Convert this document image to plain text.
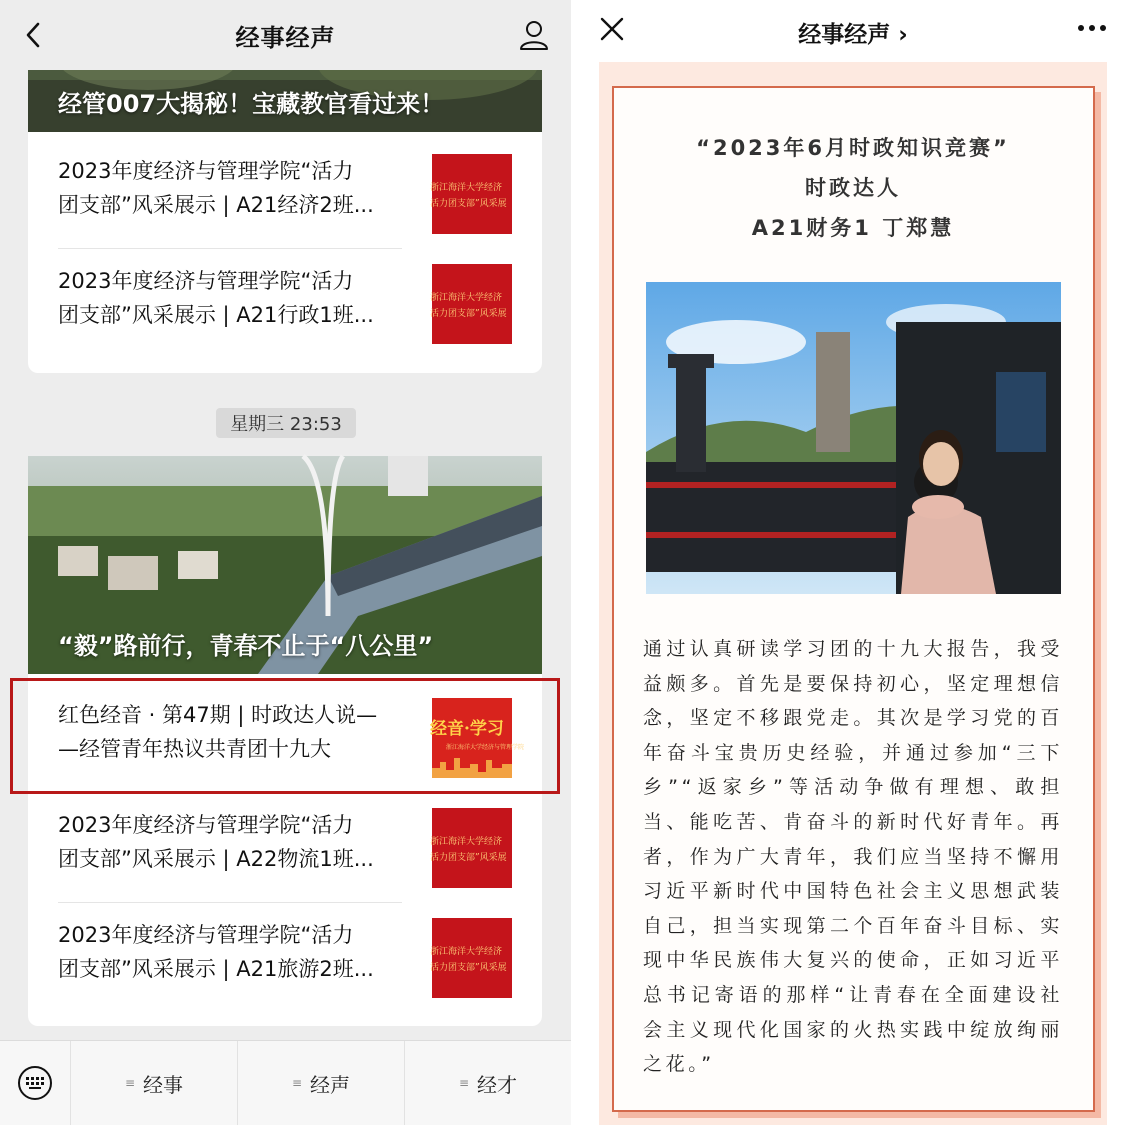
经事经声
经管007大揭秘！宝藏教官看过来！
2023年度经济与管理学院“活力
团支部”风采展示 | A21经济2班...
浙江海洋大学经济
活力团支部”风采展
2023年度经济与管理学院“活力
团支部”风采展示 | A21行政1班...
浙江海洋大学经济
活力团支部”风采展
星期三 23:53
“毅”路前行，青春不止于“八公里”
红色经音 · 第47期 | 时政达人说—
—经管青年热议共青团十九大
经音·学习
浙江海洋大学经济与管理学院
2023年度经济与管理学院“活力
团支部”风采展示 | A22物流1班...
浙江海洋大学经济
活力团支部”风采展
2023年度经济与管理学院“活力
团支部”风采展示 | A21旅游2班...
浙江海洋大学经济
活力团支部”风采展
≡ 经事	≡ 经声	≡ 经才
经事经声 ›
“2023年6月时政知识竞赛”
时政达人
A21财务1 丁郑慧
通过认真研读学习团的十九大报告，我受益颇多。首先是要保持初心，坚定理想信念，坚定不移跟党走。其次是学习党的百年奋斗宝贵历史经验，并通过参加“三下乡”“返家乡”等活动争做有理想、敢担当、能吃苦、肯奋斗的新时代好青年。再者，作为广大青年，我们应当坚持不懈用习近平新时代中国特色社会主义思想武装自己，担当实现第二个百年奋斗目标、实现中华民族伟大复兴的使命，正如习近平总书记寄语的那样“让青春在全面建设社会主义现代化国家的火热实践中绽放绚丽之花。”
